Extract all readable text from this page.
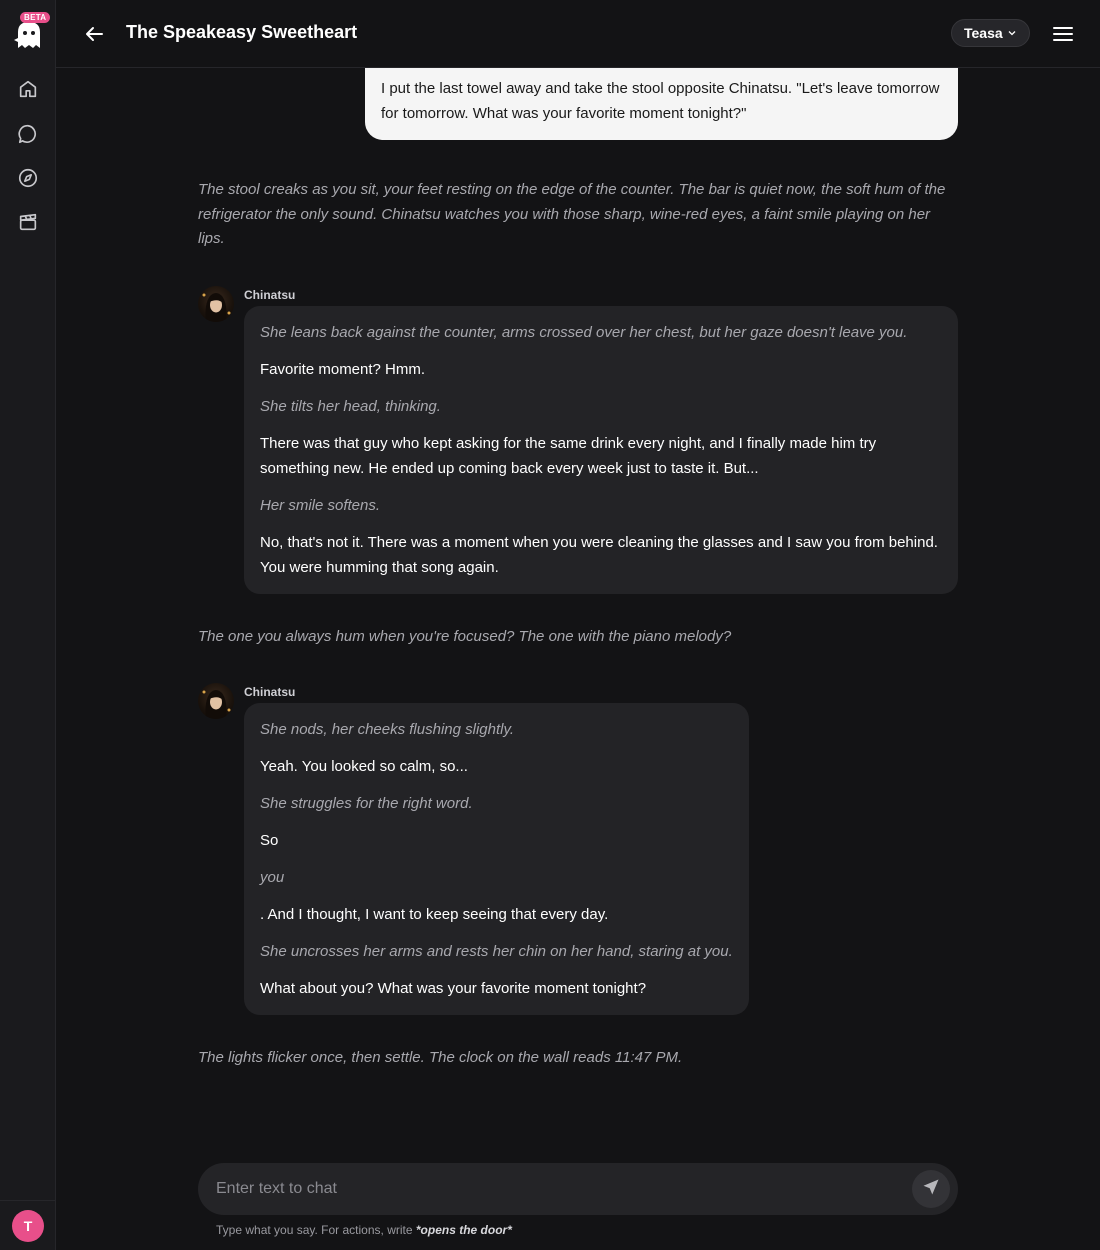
BETA
T
The Speakeasy Sweetheart	Teasa
I put the last towel away and take the stool opposite Chinatsu. "Let's leave tomorrow for tomorrow. What was your favorite moment tonight?"
The stool creaks as you sit, your feet resting on the edge of the counter. The bar is quiet now, the soft hum of the refrigerator the only sound. Chinatsu watches you with those sharp, wine-red eyes, a faint smile playing on her lips.
Chinatsu

She leans back against the counter, arms crossed over her chest, but her gaze doesn't leave you.

Favorite moment? Hmm.

She tilts her head, thinking.

There was that guy who kept asking for the same drink every night, and I finally made him try something new. He ended up coming back every week just to taste it. But...

Her smile softens.

No, that's not it. There was a moment when you were cleaning the glasses and I saw you from behind. You were humming that song again.

The one you always hum when you're focused? The one with the piano melody?
Chinatsu

She nods, her cheeks flushing slightly.

Yeah. You looked so calm, so...

She struggles for the right word.

So

you

. And I thought, I want to keep seeing that every day.

She uncrosses her arms and rests her chin on her hand, staring at you.

What about you? What was your favorite moment tonight?

The lights flicker once, then settle. The clock on the wall reads 11:47 PM.
Enter text to chat
Type what you say. For actions, write *opens the door*
